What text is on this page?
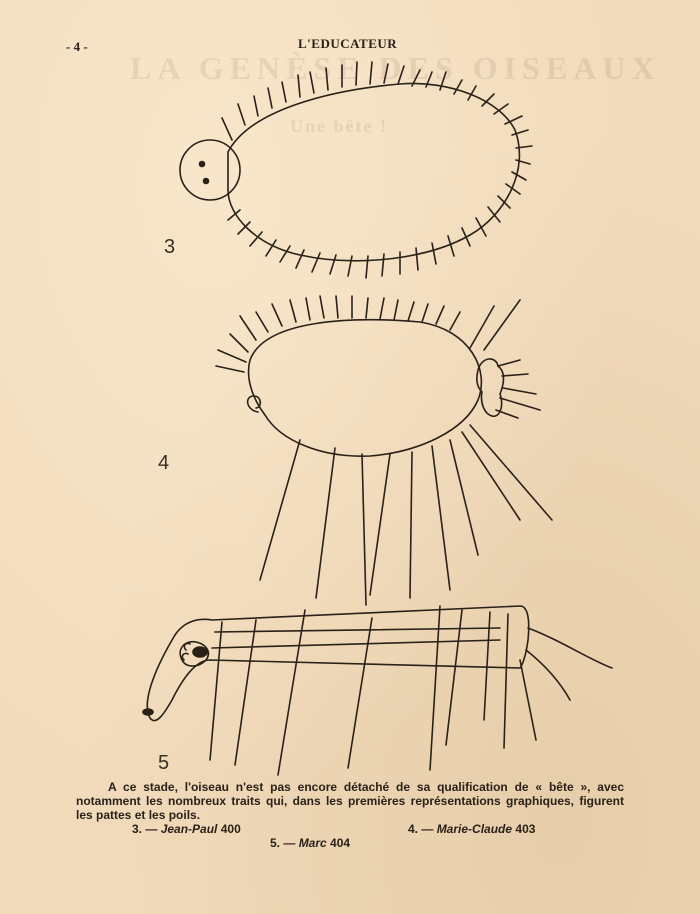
LA GENÈSE DES OISEAUX
Une bête !
- 4 -	L'EDUCATEUR
3
4
5
A ce stade, l'oiseau n'est pas encore détaché de sa qualification de « bête », avec notamment les nombreux traits qui, dans les premières représentations graphiques, figurent les pattes et les poils.
3. — Jean-Paul 400	4. — Marie-Claude 403
5. — Marc 404
